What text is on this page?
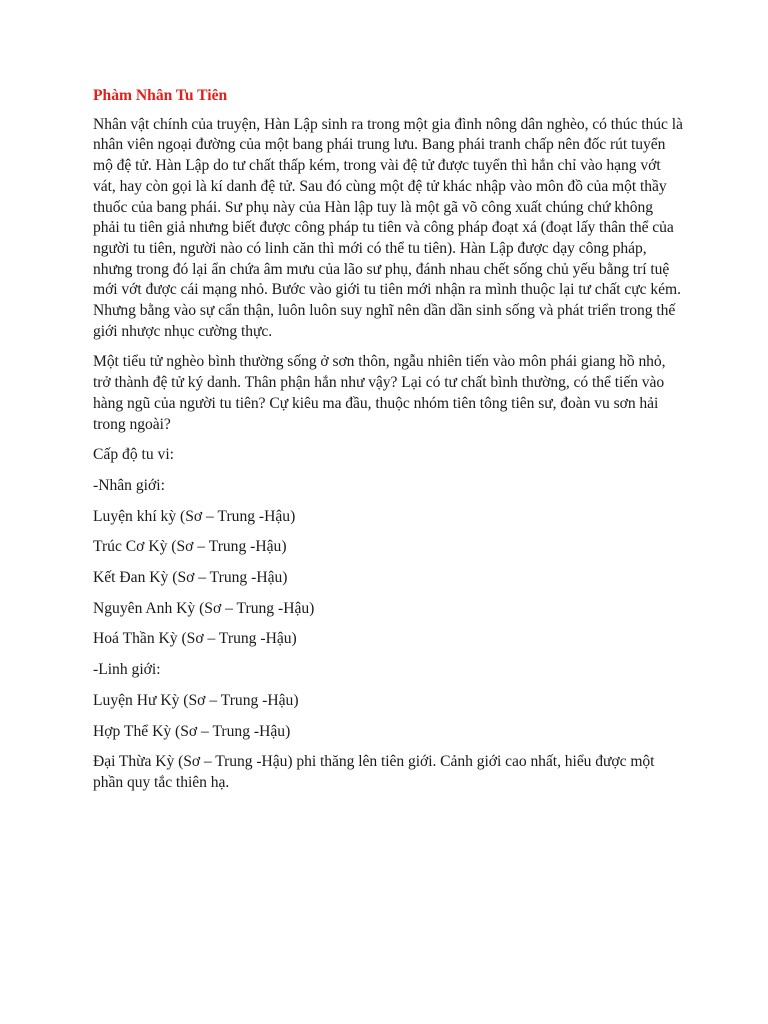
Phàm Nhân Tu Tiên

Nhân vật chính của truyện, Hàn Lập sinh ra trong một gia đình nông dân nghèo, có thúc thúc là nhân viên ngoại đường của một bang phái trung lưu. Bang phái tranh chấp nên đốc rút tuyển mộ đệ tử. Hàn Lập do tư chất thấp kém, trong vài đệ tử được tuyển thì hắn chỉ vào hạng vớt vát, hay còn gọi là kí danh đệ tử. Sau đó cùng một đệ tử khác nhập vào môn đồ của một thầy thuốc của bang phái. Sư phụ này của Hàn lập tuy là một gã võ công xuất chúng chứ không phải tu tiên giả nhưng biết được công pháp tu tiên và công pháp đoạt xá (đoạt lấy thân thể của người tu tiên, người nào có linh căn thì mới có thể tu tiên). Hàn Lập được dạy công pháp, nhưng trong đó lại ẩn chứa âm mưu của lão sư phụ, đánh nhau chết sống chủ yếu bằng trí tuệ mới vớt được cái mạng nhỏ. Bước vào giới tu tiên mới nhận ra mình thuộc lại tư chất cực kém. Nhưng bằng vào sự cẩn thận, luôn luôn suy nghĩ nên dần dần sinh sống và phát triển trong thế giới nhược nhục cường thực.

Một tiểu tử nghèo bình thường sống ở sơn thôn, ngẫu nhiên tiến vào môn phái giang hồ nhỏ, trở thành đệ tử ký danh. Thân phận hắn như vậy? Lại có tư chất bình thường, có thể tiến vào hàng ngũ của người tu tiên? Cự kiêu ma đầu, thuộc nhóm tiên tông tiên sư, đoàn vu sơn hải trong ngoài?

Cấp độ tu vi:

-Nhân giới:

Luyện khí kỳ (Sơ – Trung -Hậu)

Trúc Cơ Kỳ (Sơ – Trung -Hậu)

Kết Đan Kỳ (Sơ – Trung -Hậu)

Nguyên Anh Kỳ (Sơ – Trung -Hậu)

Hoá Thần Kỳ (Sơ – Trung -Hậu)

-Linh giới:

Luyện Hư Kỳ (Sơ – Trung -Hậu)

Hợp Thể Kỳ (Sơ – Trung -Hậu)

Đại Thừa Kỳ (Sơ – Trung -Hậu) phi thăng lên tiên giới. Cảnh giới cao nhất, hiểu được một phần quy tắc thiên hạ.
